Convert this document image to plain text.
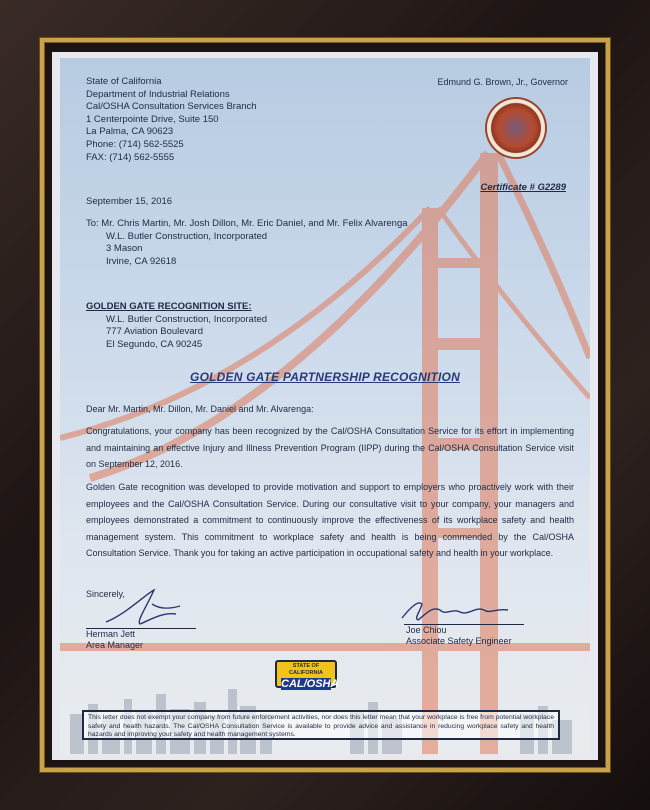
State of California
Department of Industrial Relations
Cal/OSHA Consultation Services Branch
1 Centerpointe Drive, Suite 150
La Palma, CA 90623
Phone: (714) 562-5525
FAX: (714) 562-5555
Edmund G. Brown, Jr., Governor
Certificate # G2289
September 15, 2016
To: Mr. Chris Martin, Mr. Josh Dillon, Mr. Eric Daniel, and Mr. Felix Alvarenga
W.L. Butler Construction, Incorporated
3 Mason
Irvine, CA 92618
GOLDEN GATE RECOGNITION SITE:
W.L. Butler Construction, Incorporated
777 Aviation Boulevard
El Segundo, CA 90245
GOLDEN GATE PARTNERSHIP RECOGNITION
Dear Mr. Martin, Mr. Dillon, Mr. Daniel and Mr. Alvarenga:
Congratulations, your company has been recognized by the Cal/OSHA Consultation Service for its effort in implementing and maintaining an effective Injury and Illness Prevention Program (IIPP) during the Cal/OSHA Consultation Service visit on September 12, 2016.
Golden Gate recognition was developed to provide motivation and support to employers who proactively work with their employees and the Cal/OSHA Consultation Service. During our consultative visit to your company, your managers and employees demonstrated a commitment to continuously improve the effectiveness of its workplace safety and health management system. This commitment to workplace safety and health is being commended by the Cal/OSHA Consultation Service. Thank you for taking an active participation in occupational safety and health in your workplace.
Sincerely,
Herman Jett
Area Manager
Joe Chiou
Associate Safety Engineer
STATE OF CALIFORNIA
CAL/OSHA
This letter does not exempt your company from future enforcement activities, nor does this letter mean that your workplace is free from potential workplace safety and health hazards. The Cal/OSHA Consultation Service is available to provide advice and assistance in reducing workplace safety and health hazards and improving your safety and health management systems.
